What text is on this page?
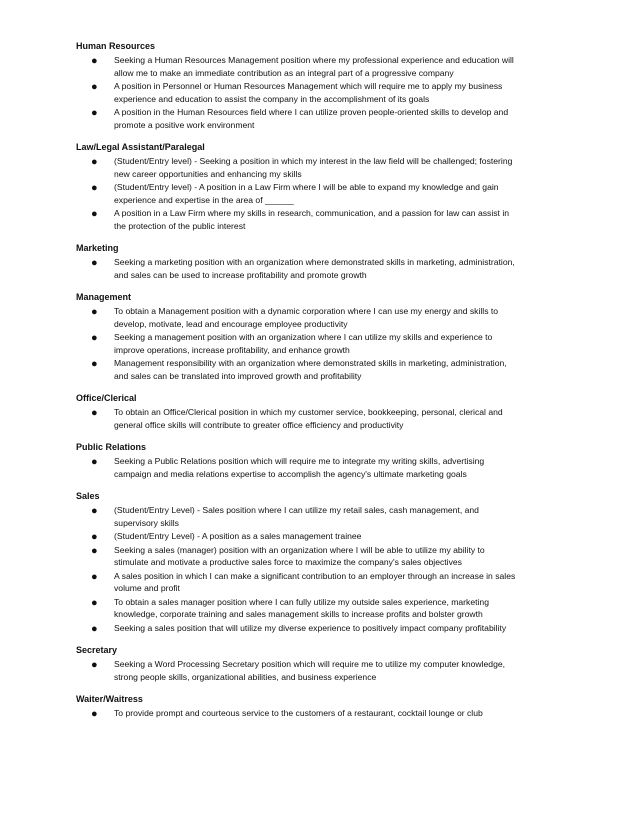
Human Resources
● Seeking a Human Resources Management position where my professional experience and education will
allow me to make an immediate contribution as an integral part of a progressive company
● A position in Personnel or Human Resources Management which will require me to apply my business
experience and education to assist the company in the accomplishment of its goals
● A position in the Human Resources field where I can utilize proven people-oriented skills to develop and
promote a positive work environment
Law/Legal Assistant/Paralegal
● (Student/Entry level) - Seeking a position in which my interest in the law field will be challenged; fostering
new career opportunities and enhancing my skills
● (Student/Entry level) - A position in a Law Firm where I will be able to expand my knowledge and gain
experience and expertise in the area of ______
● A position in a Law Firm where my skills in research, communication, and a passion for law can assist in
the protection of the public interest
Marketing
● Seeking a marketing position with an organization where demonstrated skills in marketing, administration,
and sales can be used to increase profitability and promote growth
Management
● To obtain a Management position with a dynamic corporation where I can use my energy and skills to
develop, motivate, lead and encourage employee productivity
● Seeking a management position with an organization where I can utilize my skills and experience to
improve operations, increase profitability, and enhance growth
● Management responsibility with an organization where demonstrated skills in marketing, administration,
and sales can be translated into improved growth and profitability
Office/Clerical
● To obtain an Office/Clerical position in which my customer service, bookkeeping, personal, clerical and
general office skills will contribute to greater office efficiency and productivity
Public Relations
● Seeking a Public Relations position which will require me to integrate my writing skills, advertising
campaign and media relations expertise to accomplish the agency's ultimate marketing goals
Sales
● (Student/Entry Level) - Sales position where I can utilize my retail sales, cash management, and
supervisory skills
● (Student/Entry Level) - A position as a sales management trainee
● Seeking a sales (manager) position with an organization where I will be able to utilize my ability to
stimulate and motivate a productive sales force to maximize the company's sales objectives
● A sales position in which I can make a significant contribution to an employer through an increase in sales
volume and profit
● To obtain a sales manager position where I can fully utilize my outside sales experience, marketing
knowledge, corporate training and sales management skills to increase profits and bolster growth
● Seeking a sales position that will utilize my diverse experience to positively impact company profitability
Secretary
● Seeking a Word Processing Secretary position which will require me to utilize my computer knowledge,
strong people skills, organizational abilities, and business experience
Waiter/Waitress
● To provide prompt and courteous service to the customers of a restaurant, cocktail lounge or club
